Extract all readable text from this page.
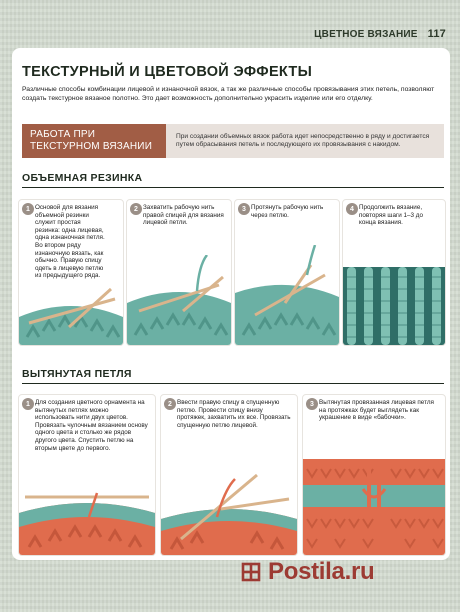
ЦВЕТНОЕ ВЯЗАНИЕ 117
ТЕКСТУРНЫЙ И ЦВЕТОВОЙ ЭФФЕКТЫ
Различные способы комбинации лицевой и изнаночной вязок, а так же различные способы провязывания этих петель, позволяют создать текстурное вязаное полотно. Это дает возможность дополнительно украсить изделие или его отделку.
РАБОТА ПРИ ТЕКСТУРНОМ ВЯЗАНИИ
При создании объемных вязок работа идет непосредственно в ряду и достигается путем обрасывания петель и последующего их провязывания с накидом.
ОБЪЕМНАЯ РЕЗИНКА
1 Основой для вязания объемной резинки служит простая резинка: одна лицевая, одна изнаночная петля. Во втором ряду изнаночную вязать, как обычно. Правую спицу одеть в лицевую петлю из предыдущего ряда.
2 Захватить рабочую нить правой спицей для вязания лицевой петли.
3 Протянуть рабочую нить через петлю.
4 Продолжить вязание, повторяя шаги 1–3 до конца вязания.
ВЫТЯНУТАЯ ПЕТЛЯ
1 Для создания цветного орнамента на вытянутых петлях можно использовать нити двух цветов. Провязать чулочным вязанием основу одного цвета и столько же рядов другого цвета. Спустить петлю на вторым цвете до первого.
2 Ввести правую спицу в спущенную петлю. Провести спицу внизу протяжек, захватить их все. Провязать спущенную петлю лицевой.
3 Вытянутая провязанная лицевая петля на протяжках будет выглядеть как украшение в виде «бабочки».
Postila.ru
